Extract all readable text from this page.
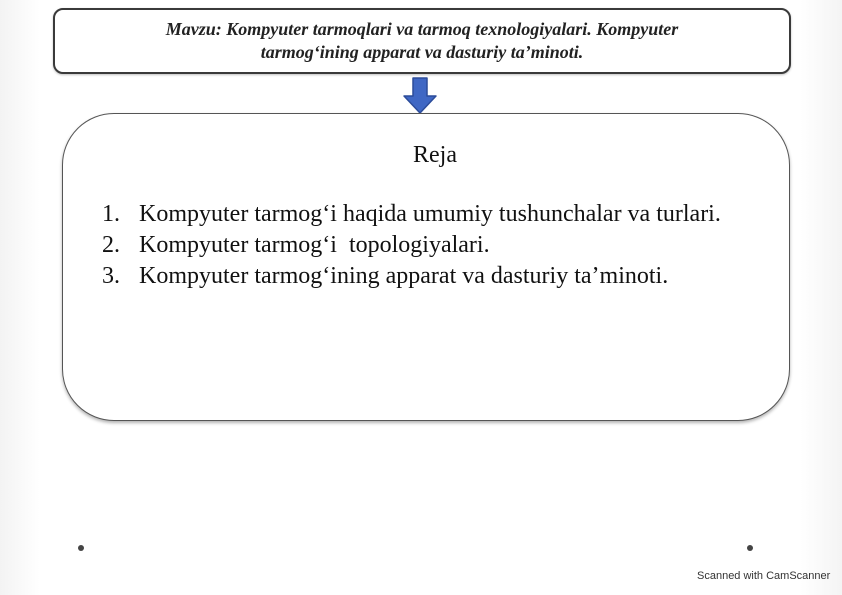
Mavzu: Kompyuter tarmoqlari va tarmoq texnologiyalari. Kompyuter
tarmog‘ining apparat va dasturiy ta’minoti.
Reja
1. Kompyuter tarmog‘i haqida umumiy tushunchalar va turlari.
2. Kompyuter tarmog‘i  topologiyalari.
3. Kompyuter tarmog‘ining apparat va dasturiy ta’minoti.
Scanned with CamScanner
